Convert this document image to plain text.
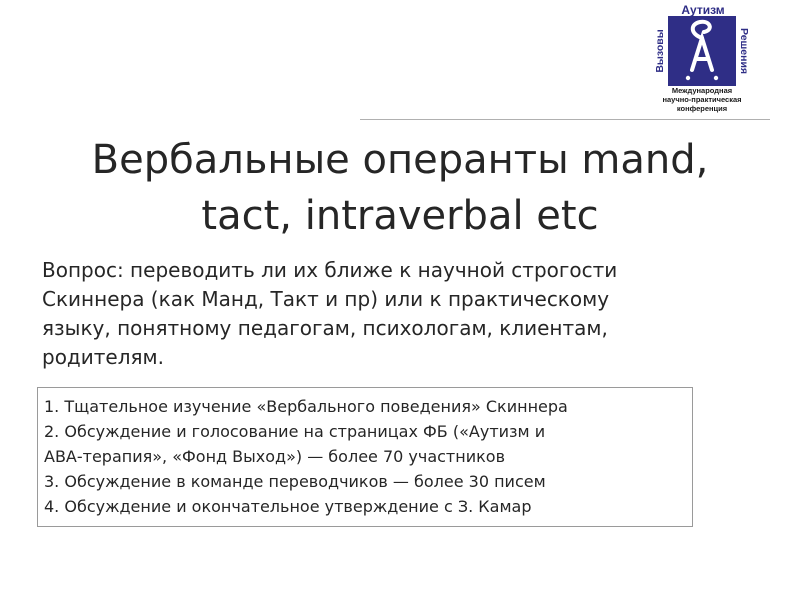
Аутизм
Вызовы	Решения
Международная
научно-практическая
конференция
Вербальные операнты mand,
tact, intraverbal etc
Вопрос: переводить ли их ближе к научной строгости
Скиннера (как Манд, Такт и пр) или к практическому
языку, понятному педагогам, психологам, клиентам,
родителям.
1. Тщательное изучение «Вербального поведения» Скиннера
2. Обсуждение и голосование на страницах ФБ («Аутизм и
АВА-терапия», «Фонд Выход») — более 70 участников
3. Обсуждение в команде переводчиков — более 30 писем
4. Обсуждение и окончательное утверждение с З. Камар
